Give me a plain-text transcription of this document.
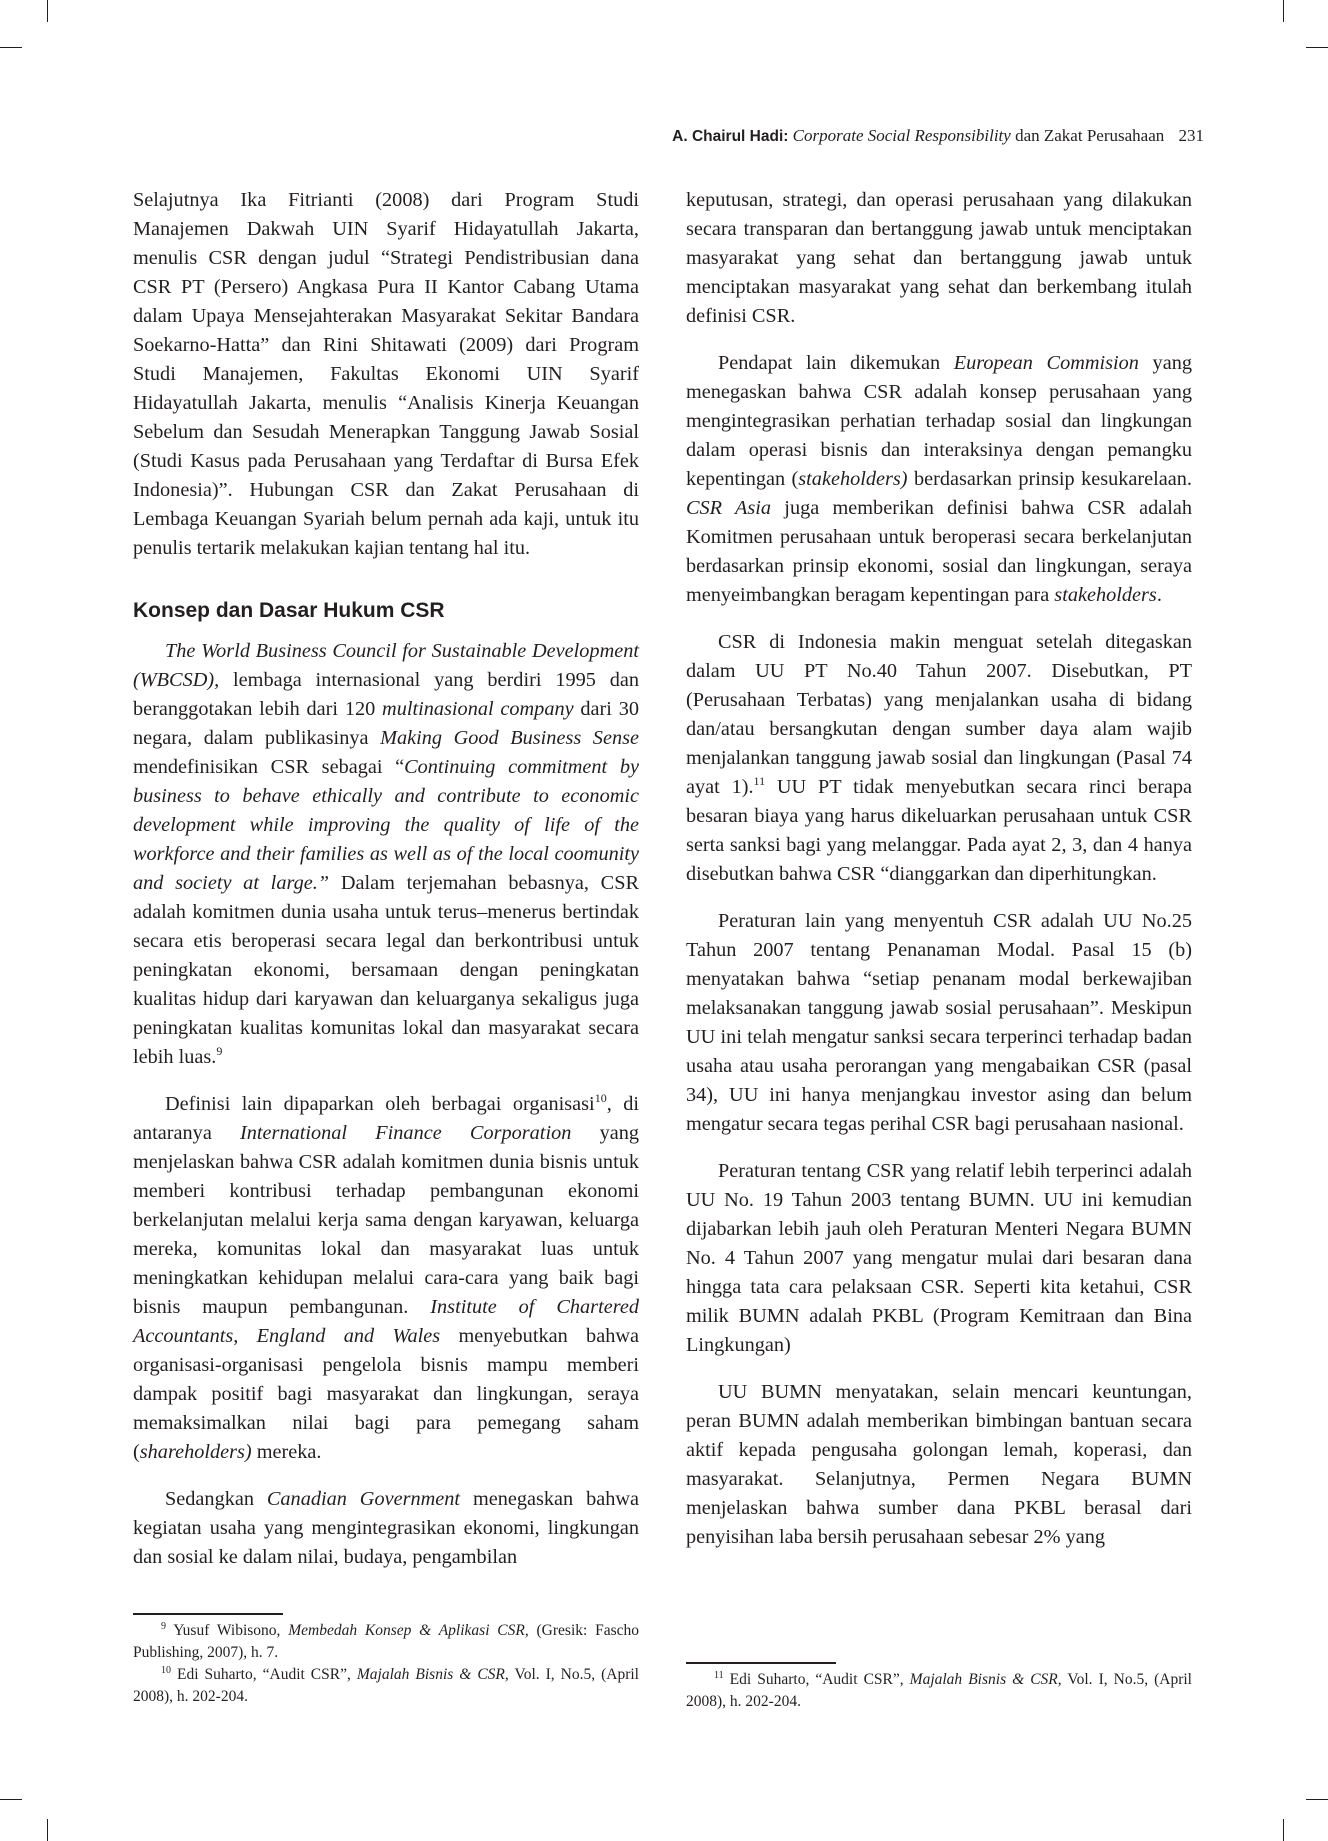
A. Chairul Hadi: Corporate Social Responsibility dan Zakat Perusahaan 231

Selajutnya Ika Fitrianti (2008) dari Program Studi Manajemen Dakwah UIN Syarif Hidayatullah Jakarta, menulis CSR dengan judul “Strategi Pendistribusian dana CSR PT (Persero) Angkasa Pura II Kantor Cabang Utama dalam Upaya Mensejahterakan Masyarakat Sekitar Bandara Soekarno-Hatta” dan Rini Shitawati (2009) dari Program Studi Manajemen, Fakultas Ekonomi UIN Syarif Hidayatullah Jakarta, menulis “Analisis Kinerja Keuangan Sebelum dan Sesudah Menerapkan Tanggung Jawab Sosial (Studi Kasus pada Perusahaan yang Terdaftar di Bursa Efek Indonesia)”. Hubungan CSR dan Zakat Perusahaan di Lembaga Keuangan Syariah belum pernah ada kaji, untuk itu penulis tertarik melakukan kajian tentang hal itu.

Konsep dan Dasar Hukum CSR

The World Business Council for Sustainable Development (WBCSD), lembaga internasional yang berdiri 1995 dan beranggotakan lebih dari 120 multinasional company dari 30 negara, dalam publikasinya Making Good Business Sense mendefinisikan CSR sebagai “Continuing commitment by business to behave ethically and contribute to economic development while improving the quality of life of the workforce and their families as well as of the local coomunity and society at large.” Dalam terjemahan bebasnya, CSR adalah komitmen dunia usaha untuk terus–menerus bertindak secara etis beroperasi secara legal dan berkontribusi untuk peningkatan ekonomi, bersamaan dengan peningkatan kualitas hidup dari karyawan dan keluarganya sekaligus juga peningkatan kualitas komunitas lokal dan masyarakat secara lebih luas.$^9$

Definisi lain dipaparkan oleh berbagai organisasi$^{10}$, di antaranya International Finance Corporation yang menjelaskan bahwa CSR adalah komitmen dunia bisnis untuk memberi kontribusi terhadap pembangunan ekonomi berkelanjutan melalui kerja sama dengan karyawan, keluarga mereka, komunitas lokal dan masyarakat luas untuk meningkatkan kehidupan melalui cara-cara yang baik bagi bisnis maupun pembangunan. Institute of Chartered Accountants, England and Wales menyebutkan bahwa organisasi-organisasi pengelola bisnis mampu memberi dampak positif bagi masyarakat dan lingkungan, seraya memaksimalkan nilai bagi para pemegang saham (shareholders) mereka.

Sedangkan Canadian Government menegaskan bahwa kegiatan usaha yang mengintegrasikan ekonomi, lingkungan dan sosial ke dalam nilai, budaya, pengambilan

$^9$ Yusuf Wibisono, Membedah Konsep & Aplikasi CSR, (Gresik: Fascho Publishing, 2007), h. 7.

$^{10}$ Edi Suharto, “Audit CSR”, Majalah Bisnis & CSR, Vol. I, No.5, (April 2008), h. 202-204.

keputusan, strategi, dan operasi perusahaan yang dilakukan secara transparan dan bertanggung jawab untuk menciptakan masyarakat yang sehat dan bertanggung jawab untuk menciptakan masyarakat yang sehat dan berkembang itulah definisi CSR.

Pendapat lain dikemukan European Commision yang menegaskan bahwa CSR adalah konsep perusahaan yang mengintegrasikan perhatian terhadap sosial dan lingkungan dalam operasi bisnis dan interaksinya dengan pemangku kepentingan (stakeholders) berdasarkan prinsip kesukarelaan. CSR Asia juga memberikan definisi bahwa CSR adalah Komitmen perusahaan untuk beroperasi secara berkelanjutan berdasarkan prinsip ekonomi, sosial dan lingkungan, seraya menyeimbangkan beragam kepentingan para stakeholders.

CSR di Indonesia makin menguat setelah ditegaskan dalam UU PT No.40 Tahun 2007. Disebutkan, PT (Perusahaan Terbatas) yang menjalankan usaha di bidang dan/atau bersangkutan dengan sumber daya alam wajib menjalankan tanggung jawab sosial dan lingkungan (Pasal 74 ayat 1).$^{11}$ UU PT tidak menyebutkan secara rinci berapa besaran biaya yang harus dikeluarkan perusahaan untuk CSR serta sanksi bagi yang melanggar. Pada ayat 2, 3, dan 4 hanya disebutkan bahwa CSR “dianggarkan dan diperhitungkan.

Peraturan lain yang menyentuh CSR adalah UU No.25 Tahun 2007 tentang Penanaman Modal. Pasal 15 (b) menyatakan bahwa “setiap penanam modal berkewajiban melaksanakan tanggung jawab sosial perusahaan”. Meskipun UU ini telah mengatur sanksi secara terperinci terhadap badan usaha atau usaha perorangan yang mengabaikan CSR (pasal 34), UU ini hanya menjangkau investor asing dan belum mengatur secara tegas perihal CSR bagi perusahaan nasional.

Peraturan tentang CSR yang relatif lebih terperinci adalah UU No. 19 Tahun 2003 tentang BUMN. UU ini kemudian dijabarkan lebih jauh oleh Peraturan Menteri Negara BUMN No. 4 Tahun 2007 yang mengatur mulai dari besaran dana hingga tata cara pelaksaan CSR. Seperti kita ketahui, CSR milik BUMN adalah PKBL (Program Kemitraan dan Bina Lingkungan)

UU BUMN menyatakan, selain mencari keuntungan, peran BUMN adalah memberikan bimbingan bantuan secara aktif kepada pengusaha golongan lemah, koperasi, dan masyarakat. Selanjutnya, Permen Negara BUMN menjelaskan bahwa sumber dana PKBL berasal dari penyisihan laba bersih perusahaan sebesar 2% yang

$^{11}$ Edi Suharto, “Audit CSR”, Majalah Bisnis & CSR, Vol. I, No.5, (April 2008), h. 202-204.
